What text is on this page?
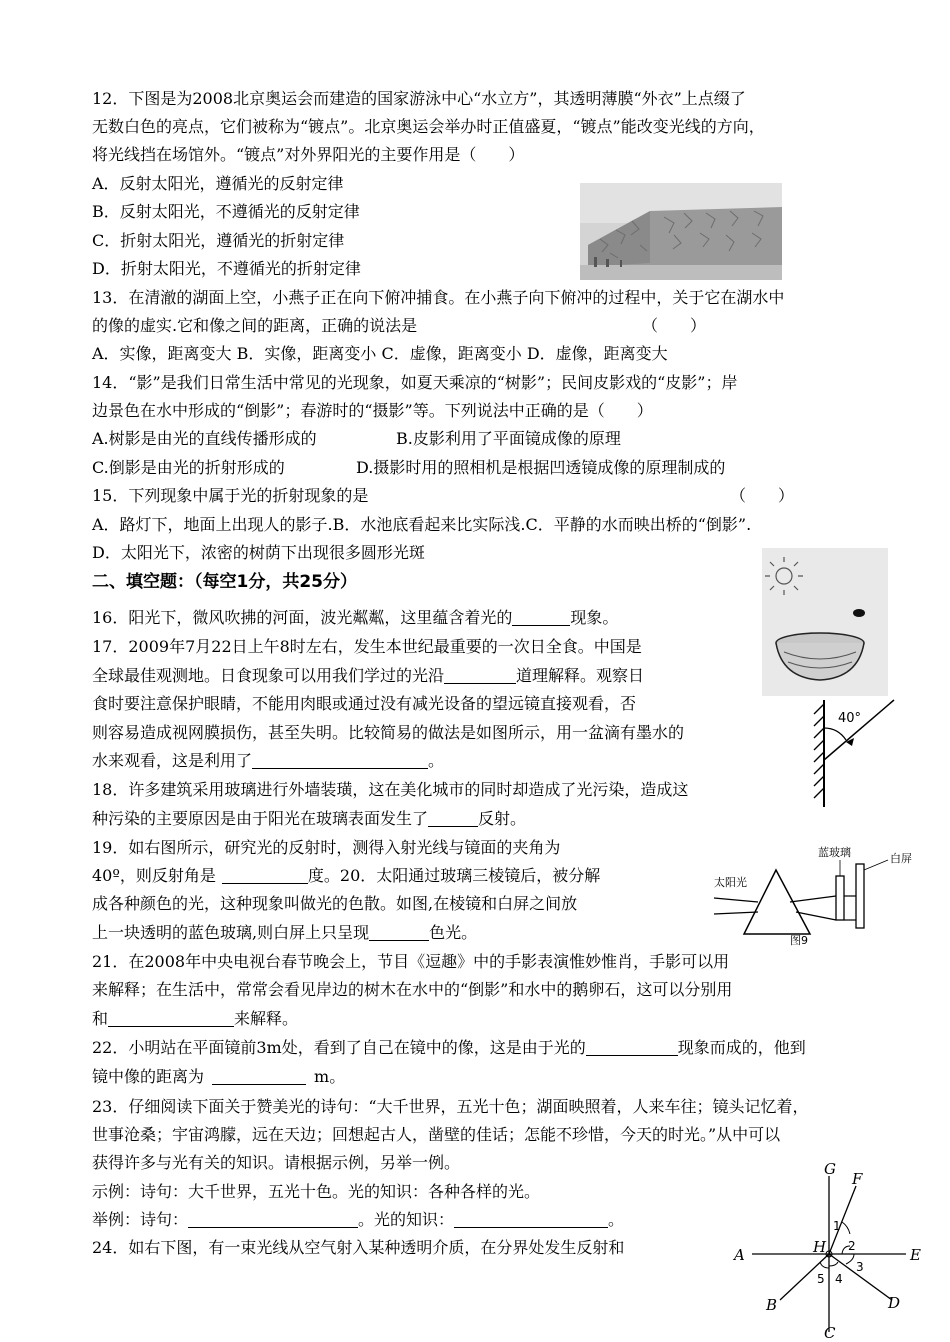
12．下图是为2008北京奥运会而建造的国家游泳中心“水立方”，其透明薄膜“外衣”上点缀了
无数白色的亮点，它们被称为“镀点”。北京奥运会举办时正值盛夏，“镀点”能改变光线的方向，
将光线挡在场馆外。“镀点”对外界阳光的主要作用是（　　）
A．反射太阳光，遵循光的反射定律
B．反射太阳光，不遵循光的反射定律
C．折射太阳光，遵循光的折射定律
D．折射太阳光，不遵循光的折射定律
13．在清澈的湖面上空，小燕子正在向下俯冲捕食。在小燕子向下俯冲的过程中，关于它在湖水中
的像的虚实.它和像之间的距离，正确的说法是	（　　）
A．实像，距离变大 B．实像，距离变小 C．虚像，距离变小 D．虚像，距离变大
14．“影”是我们日常生活中常见的光现象，如夏天乘凉的“树影”；民间皮影戏的“皮影”；岸
边景色在水中形成的“倒影”；春游时的“摄影”等。下列说法中正确的是（　　）
A.树影是由光的直线传播形成的	B.皮影利用了平面镜成像的原理
C.倒影是由光的折射形成的	D.摄影时用的照相机是根据凹透镜成像的原理制成的
15．下列现象中属于光的折射现象的是	（　　）
A．路灯下，地面上出现人的影子.B．水池底看起来比实际浅.C．平静的水而映出桥的“倒影”.
D．太阳光下，浓密的树荫下出现很多圆形光斑
二、填空题：（每空1分，共25分）
16．阳光下，微风吹拂的河面，波光粼粼，这里蕴含着光的	现象。
17．2009年7月22日上午8时左右，发生本世纪最重要的一次日全食。中国是
全球最佳观测地。日食现象可以用我们学过的光沿	道理解释。观察日
食时要注意保护眼睛，不能用肉眼或通过没有减光设备的望远镜直接观看，否
则容易造成视网膜损伤，甚至失明。比较简易的做法是如图所示，用一盆滴有墨水的
水来观看，这是利用了	。
40°
18．许多建筑采用玻璃进行外墙装璜，这在美化城市的同时却造成了光污染，造成这
种污染的主要原因是由于阳光在玻璃表面发生了	反射。
19．如右图所示，研究光的反射时，测得入射光线与镜面的夹角为
40º，则反射角是	度。20．太阳通过玻璃三棱镜后，被分解
成各种颜色的光，这种现象叫做光的色散。如图,在棱镜和白屏之间放
上一块透明的蓝色玻璃,则白屏上只呈现	色光。
太阳光
蓝玻璃	白屏
图9
21．在2008年中央电视台春节晚会上，节目《逗趣》中的手影表演惟妙惟肖，手影可以用
来解释；在生活中，常常会看见岸边的树木在水中的“倒影”和水中的鹅卵石，这可以分别用
和	来解释。
22．小明站在平面镜前3m处，看到了自己在镜中的像，这是由于光的	现象而成的，他到
镜中像的距离为	m。
23．仔细阅读下面关于赞美光的诗句：“大千世界，五光十色；湖面映照着，人来车往；镜头记忆着，
世事沧桑；宇宙鸿朦，远在天边；回想起古人，凿壁的佳话；怎能不珍惜，今天的时光。”从中可以
获得许多与光有关的知识。请根据示例，另举一例。
示例：诗句：大千世界，五光十色。光的知识：各种各样的光。
举例：诗句：	。光的知识：	。
24．如右下图，有一束光线从空气射入某种透明介质，在分界处发生反射和
G
F
A	H	E
B	D
C
1
2
3
4
5
